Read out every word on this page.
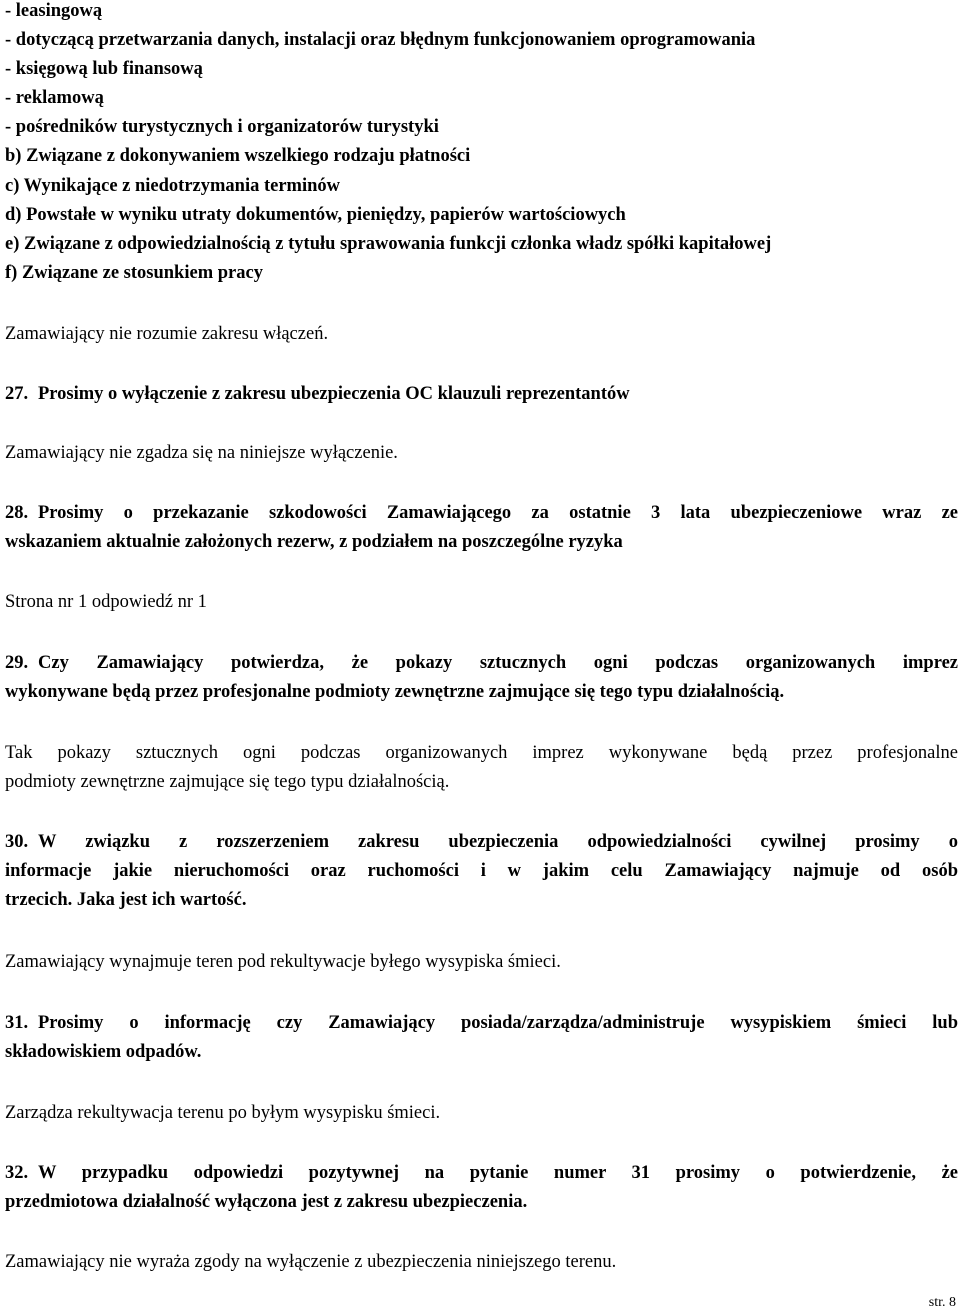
- leasingową
- dotyczącą przetwarzania danych, instalacji oraz błędnym funkcjonowaniem oprogramowania
- księgową lub finansową
- reklamową
- pośredników turystycznych i organizatorów turystyki
b) Związane z dokonywaniem wszelkiego rodzaju płatności
c) Wynikające z niedotrzymania terminów
d) Powstałe w wyniku utraty dokumentów, pieniędzy, papierów wartościowych
e) Związane z odpowiedzialnością z tytułu sprawowania funkcji członka władz spółki kapitałowej
f) Związane ze stosunkiem pracy
Zamawiający nie rozumie zakresu włączeń.
27. Prosimy o wyłączenie z zakresu ubezpieczenia OC klauzuli reprezentantów
Zamawiający nie zgadza się na niniejsze wyłączenie.
28. Prosimy o przekazanie szkodowości Zamawiającego za ostatnie 3 lata ubezpieczeniowe wraz ze
wskazaniem aktualnie założonych rezerw, z podziałem na poszczególne ryzyka
Strona nr 1 odpowiedź nr 1
29. Czy Zamawiający potwierdza, że pokazy sztucznych ogni podczas organizowanych imprez
wykonywane będą przez profesjonalne podmioty zewnętrzne zajmujące się tego typu działalnością.
Tak pokazy sztucznych ogni podczas organizowanych imprez wykonywane będą przez profesjonalne
podmioty zewnętrzne zajmujące się tego typu działalnością.
30. W związku z rozszerzeniem zakresu ubezpieczenia odpowiedzialności cywilnej prosimy o
informacje jakie nieruchomości oraz ruchomości i w jakim celu Zamawiający najmuje od osób
trzecich. Jaka jest ich wartość.
Zamawiający wynajmuje teren pod rekultywacje byłego wysypiska śmieci.
31. Prosimy o informację czy Zamawiający posiada/zarządza/administruje wysypiskiem śmieci lub
składowiskiem odpadów.
Zarządza rekultywacja terenu po byłym wysypisku śmieci.
32. W przypadku odpowiedzi pozytywnej na pytanie numer 31 prosimy o potwierdzenie, że
przedmiotowa działalność wyłączona jest z zakresu ubezpieczenia.
Zamawiający nie wyraża zgody na wyłączenie z ubezpieczenia niniejszego terenu.
str. 8
